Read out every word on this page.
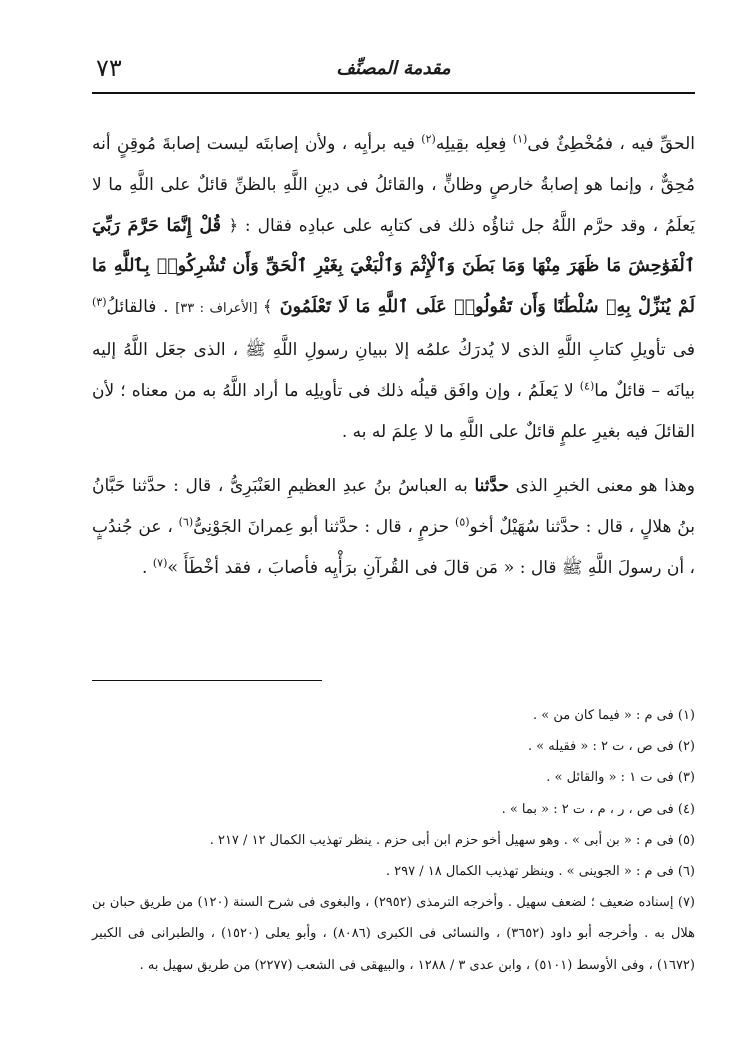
٧٣	مقدمة المصنِّف

الحقِّ فيه ، فمُخْطِئٌ فى$^{(١)}$ فِعلِه بقِيلِه$^{(٢)}$ فيه برأيِه ، ولأن إصابتَه ليست إصابةَ مُوقِنٍ أنه مُحِقٌّ ، وإنما هو إصابةُ خارصٍ وظانٍّ ، والقائلُ فى دينِ اللَّهِ بالظنِّ قائلٌ على اللَّهِ ما لا يَعلَمُ ، وقد حرَّم اللَّهُ جل ثناؤُه ذلك فى كتابِه على عبادِه فقال : ﴿ قُلْ إِنَّمَا حَرَّمَ رَبِّيَ ٱلْفَوَٰحِشَ مَا ظَهَرَ مِنْهَا وَمَا بَطَنَ وَٱلْإِثْمَ وَٱلْبَغْيَ بِغَيْرِ ٱلْحَقِّ وَأَن تُشْرِكُوا۟ بِٱللَّهِ مَا لَمْ يُنَزِّلْ بِهِۦ سُلْطَٰنًا وَأَن تَقُولُوا۟ عَلَى ٱللَّهِ مَا لَا تَعْلَمُونَ ﴾ [الأعراف : ٣٣] . فالقائلُ$^{(٣)}$ فى تأويلِ كتابِ اللَّهِ الذى لا يُدرَكُ علمُه إلا ببيانِ رسولِ اللَّهِ ﷺ ، الذى جعَل اللَّهُ إليه بيانَه – قائلٌ ما$^{(٤)}$ لا يَعلَمُ ، وإن وافَق قيلُه ذلك فى تأويلِه ما أراد اللَّهُ به من معناه ؛ لأن القائلَ فيه بغيرِ علمٍ قائلٌ على اللَّهِ ما لا عِلمَ له به .

وهذا هو معنى الخبرِ الذى حدَّثنا به العباسُ بنُ عبدِ العظيمِ العَنْبَرِىُّ ، قال : حدَّثنا حَبَّانُ بنُ هلالٍ ، قال : حدَّثنا سُهَيْلٌ أخو$^{(٥)}$ حزمٍ ، قال : حدَّثنا أبو عِمرانَ الجَوْنِىُّ$^{(٦)}$ ، عن جُندُبٍ ، أن رسولَ اللَّهِ ﷺ قال : « مَن قالَ فى القُرآنِ برَأْيِه فأصابَ ، فقد أخْطَأَ »$^{(٧)}$ .

(١) فى م : « فيما كان من » .

(٢) فى ص ، ت ٢ : « فقيله » .

(٣) فى ت ١ : « والقائل » .

(٤) فى ص ، ر ، م ، ت ٢ : « بما » .

(٥) فى م : « بن أبى » . وهو سهيل أخو حزم ابن أبى حزم . ينظر تهذيب الكمال ١٢ / ٢١٧ .

(٦) فى م : « الجوينى » . وينظر تهذيب الكمال ١٨ / ٢٩٧ .

(٧) إسناده ضعيف ؛ لضعف سهيل . وأخرجه الترمذى (٢٩٥٢) ، والبغوى فى شرح السنة (١٢٠) من طريق حبان بن هلال به . وأخرجه أبو داود (٣٦٥٢) ، والنسائى فى الكبرى (٨٠٨٦) ، وأبو يعلى (١٥٢٠) ، والطبرانى فى الكبير (١٦٧٢) ، وفى الأوسط (٥١٠١) ، وابن عدى ٣ / ١٢٨٨ ، والبيهقى فى الشعب (٢٢٧٧) من طريق سهيل به .
